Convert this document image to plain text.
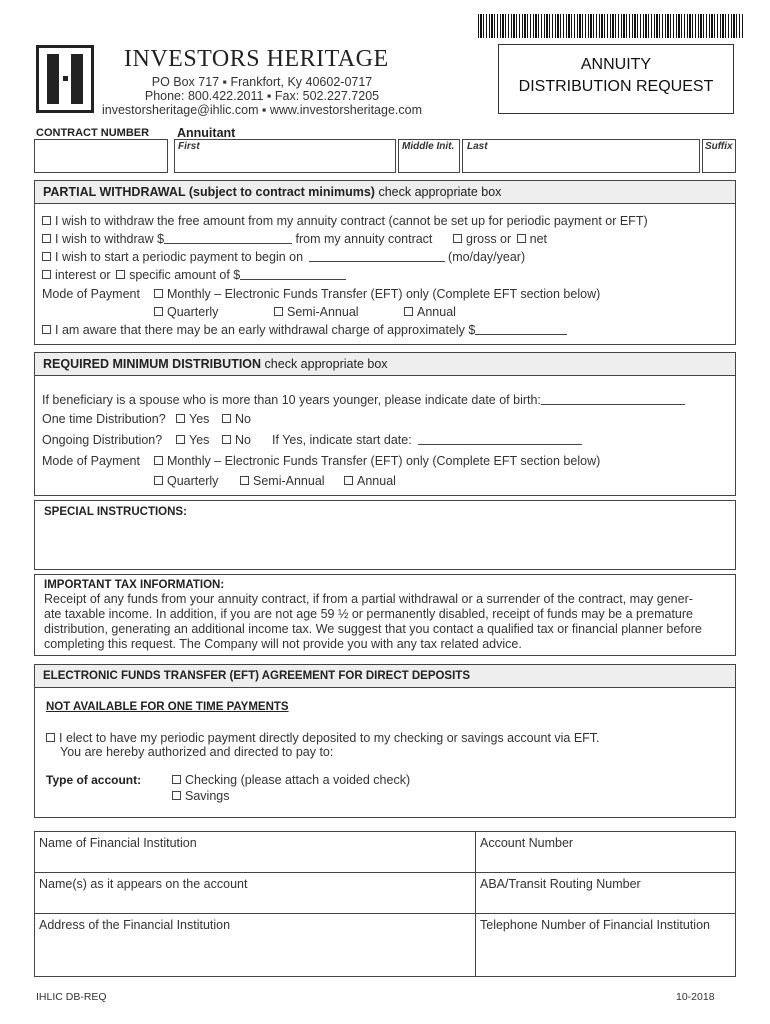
INVESTORS HERITAGE
PO Box 717 ▪ Frankfort, Ky 40602-0717
Phone: 800.422.2011 ▪ Fax: 502.227.7205
investorsheritage@ihlic.com ▪ www.investorsheritage.com
ANNUITY
DISTRIBUTION REQUEST
CONTRACT NUMBER Annuitant
First	Middle Init. Last	Suffix
PARTIAL WITHDRAWAL (subject to contract minimums) check appropriate box
I wish to withdraw the free amount from my annuity contract (cannot be set up for periodic payment or EFT)
I wish to withdraw $	from my annuity contract	gross or net
I wish to start a periodic payment to begin on	(mo/day/year)
interest or specific amount of $
Mode of Payment	Monthly – Electronic Funds Transfer (EFT) only (Complete EFT section below)
Quarterly	Semi-Annual	Annual
I am aware that there may be an early withdrawal charge of approximately $
REQUIRED MINIMUM DISTRIBUTION check appropriate box
If beneficiary is a spouse who is more than 10 years younger, please indicate date of birth:
One time Distribution?	Yes	No
Ongoing Distribution?	Yes	No If Yes, indicate start date:
Mode of Payment	Monthly – Electronic Funds Transfer (EFT) only (Complete EFT section below)
Quarterly	Semi-Annual	Annual
SPECIAL INSTRUCTIONS:
IMPORTANT TAX INFORMATION:
Receipt of any funds from your annuity contract, if from a partial withdrawal or a surrender of the contract, may gener-
ate taxable income. In addition, if you are not age 59 ½ or permanently disabled, receipt of funds may be a premature
distribution, generating an additional income tax. We suggest that you contact a qualified tax or financial planner before
completing this request. The Company will not provide you with any tax related advice.
ELECTRONIC FUNDS TRANSFER (EFT) AGREEMENT FOR DIRECT DEPOSITS
NOT AVAILABLE FOR ONE TIME PAYMENTS
I elect to have my periodic payment directly deposited to my checking or savings account via EFT.
You are hereby authorized and directed to pay to:
Type of account:	Checking (please attach a voided check)
Savings
Name of Financial Institution	Account Number
Name(s) as it appears on the account	ABA/Transit Routing Number
Address of the Financial Institution	Telephone Number of Financial Institution
IHLIC DB-REQ	10-2018
